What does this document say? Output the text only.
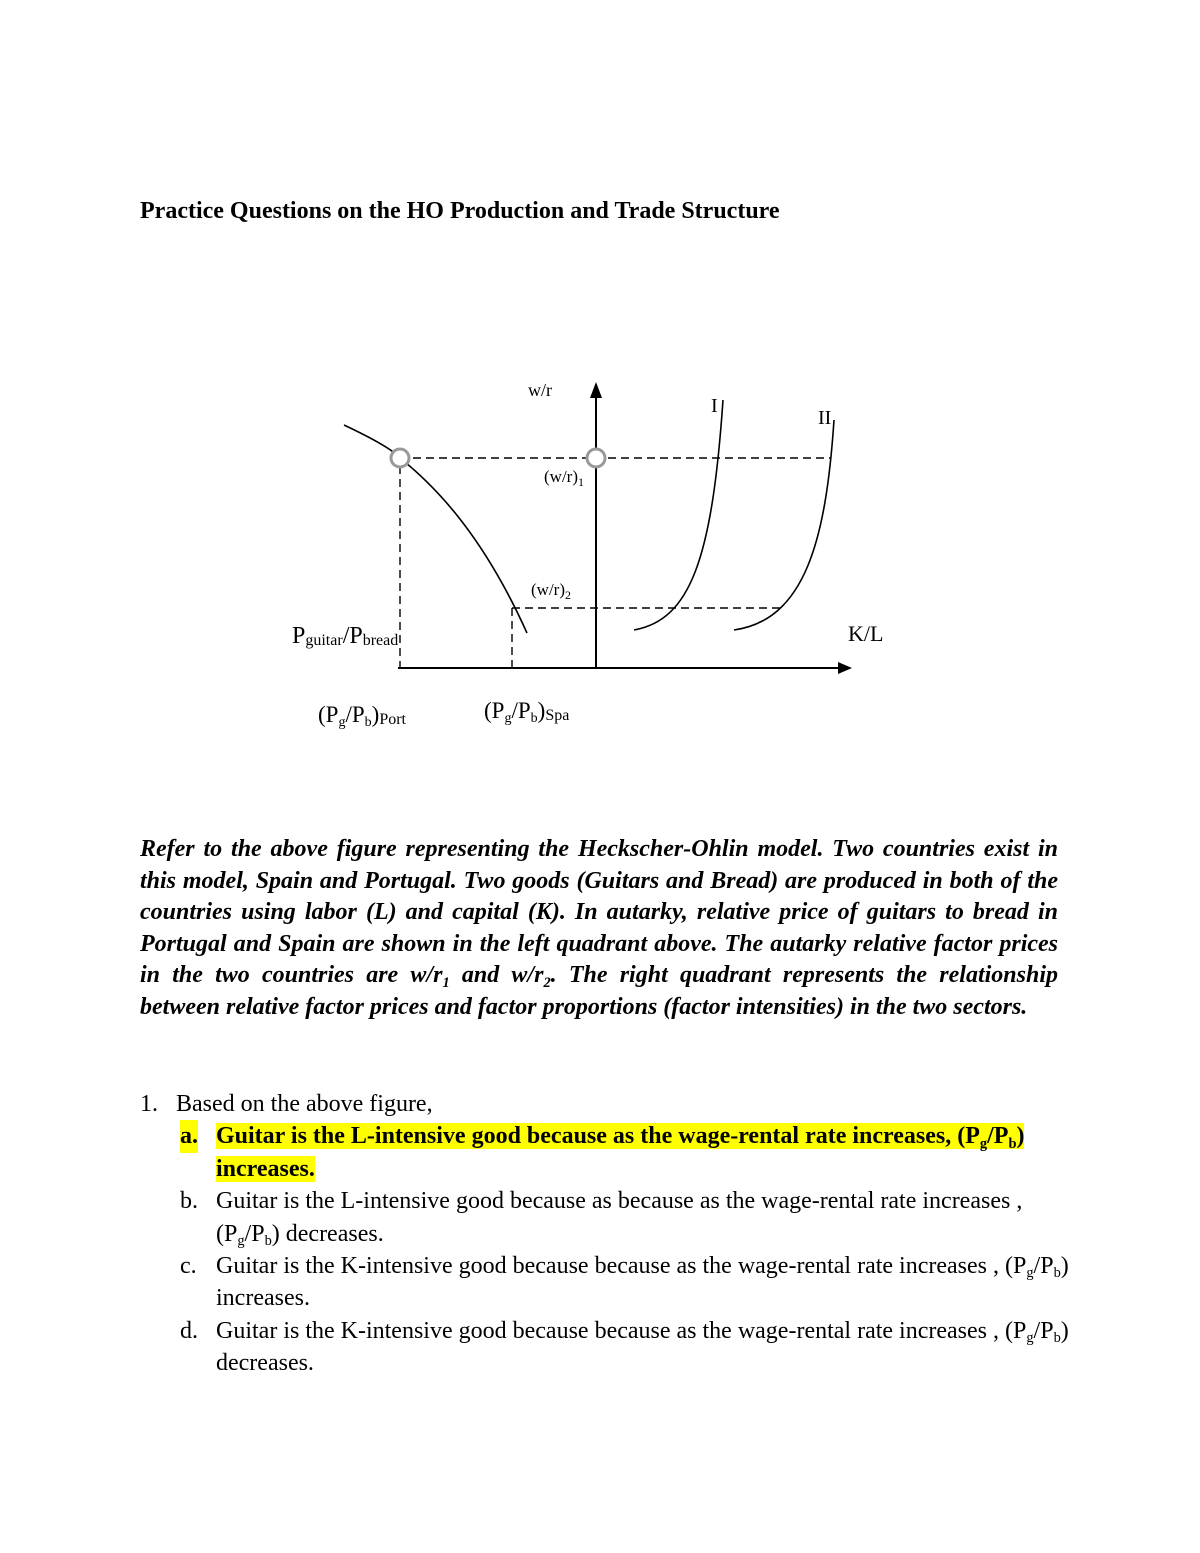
Practice Questions on the HO Production and Trade Structure
w/r
K/L
I
II
$(w/r)_1$
$(w/r)_2$
Pguitar/Pbread
(Pg/Pb)Port	(Pg/Pb)Spa
Refer to the above figure representing the Heckscher-Ohlin model. Two countries exist in this model, Spain and Portugal. Two goods (Guitars and Bread) are produced in both of the countries using labor (L) and capital (K). In autarky, relative price of guitars to bread in Portugal and Spain are shown in the left quadrant above. The autarky relative factor prices in the two countries are $w/r_1$ and $w/r_2$. The right quadrant represents the relationship between relative factor prices and factor proportions (factor intensities) in the two sectors.
1. Based on the above figure,
a. Guitar is the L-intensive good because as the wage-rental rate increases, $(P_g/P_b)$ increases.
b. Guitar is the L-intensive good because as because as the wage-rental rate increases , $(P_g/P_b)$ decreases.
c. Guitar is the K-intensive good because because as the wage-rental rate increases , $(P_g/P_b)$ increases.
d. Guitar is the K-intensive good because because as the wage-rental rate increases , $(P_g/P_b)$ decreases.
